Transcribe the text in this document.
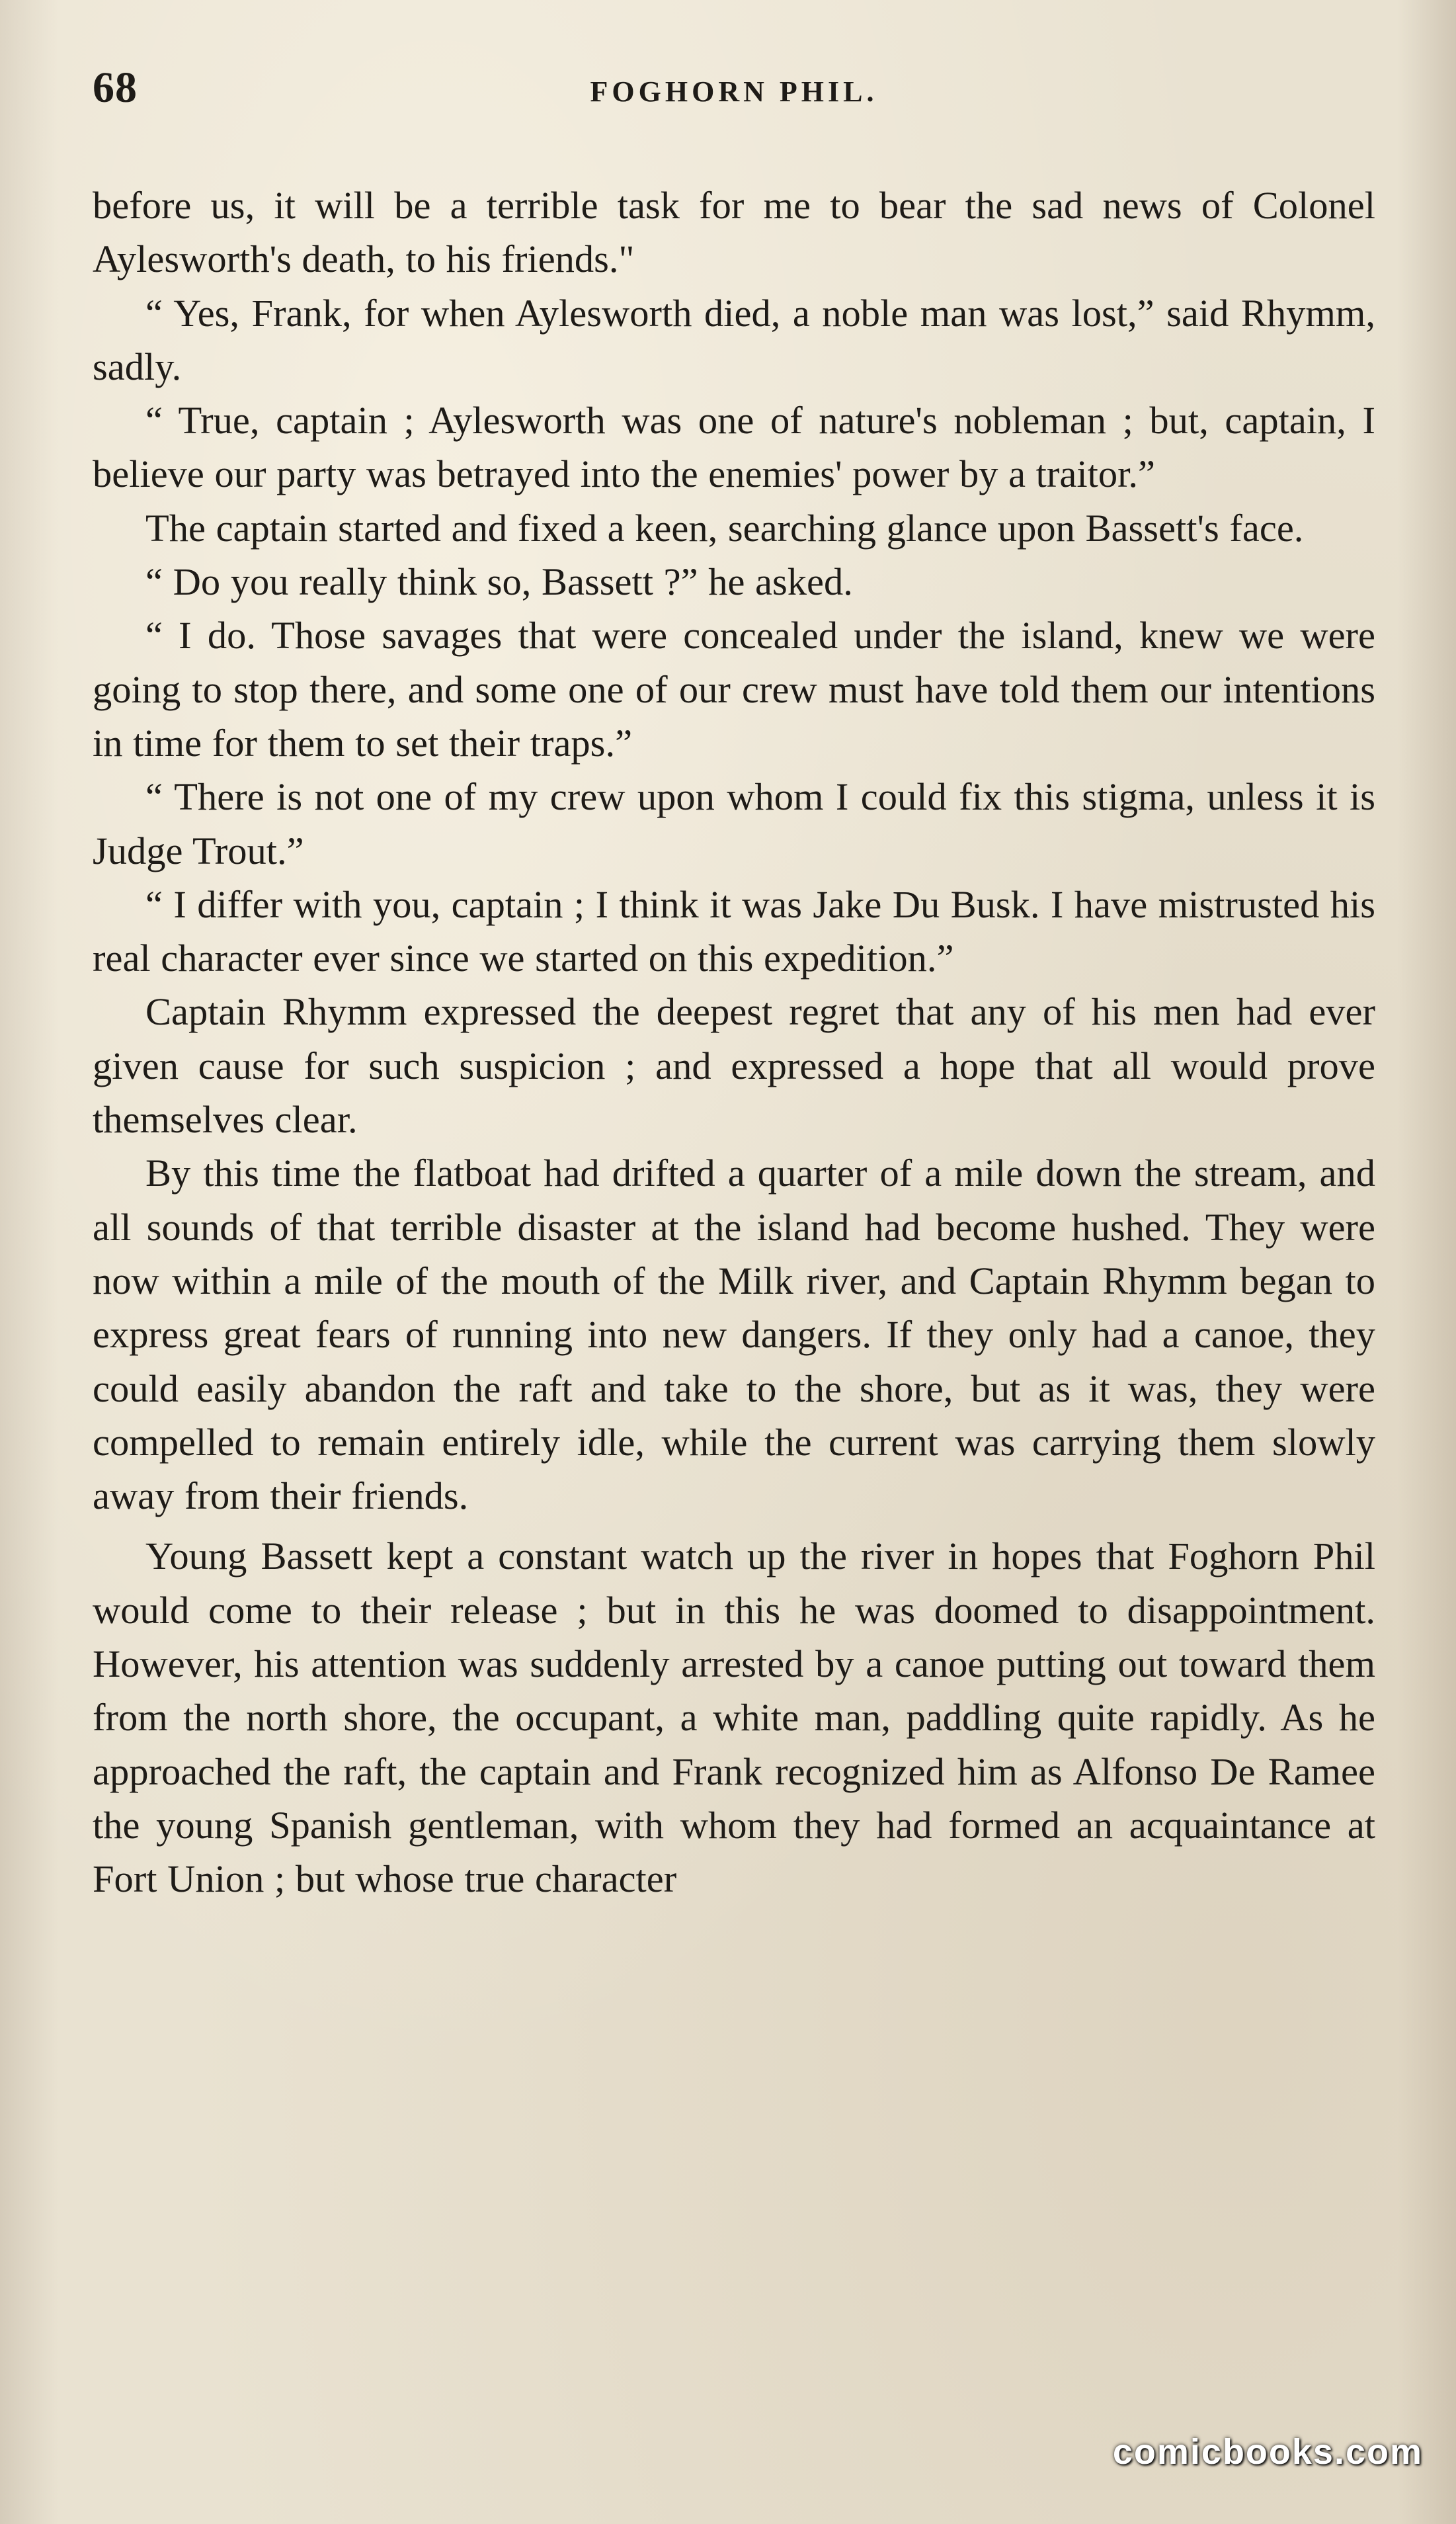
68	FOGHORN PHIL.

before us, it will be a terrible task for me to bear the sad news of Colonel Aylesworth's death, to his friends."

“ Yes, Frank, for when Aylesworth died, a noble man was lost,” said Rhymm, sadly.

“ True, captain ; Aylesworth was one of nature's nobleman ; but, captain, I believe our party was betrayed into the enemies' power by a traitor.”

The captain started and fixed a keen, searching glance upon Bassett's face.

“ Do you really think so, Bassett ?” he asked.

“ I do. Those savages that were concealed under the island, knew we were going to stop there, and some one of our crew must have told them our intentions in time for them to set their traps.”

“ There is not one of my crew upon whom I could fix this stigma, unless it is Judge Trout.”

“ I differ with you, captain ; I think it was Jake Du Busk. I have mistrusted his real character ever since we started on this expedition.”

Captain Rhymm expressed the deepest regret that any of his men had ever given cause for such suspicion ; and expressed a hope that all would prove themselves clear.

By this time the flatboat had drifted a quarter of a mile down the stream, and all sounds of that terrible disaster at the island had become hushed. They were now within a mile of the mouth of the Milk river, and Captain Rhymm began to express great fears of running into new dangers. If they only had a canoe, they could easily abandon the raft and take to the shore, but as it was, they were compelled to remain entirely idle, while the current was carrying them slowly away from their friends.

Young Bassett kept a constant watch up the river in hopes that Foghorn Phil would come to their release ; but in this he was doomed to disappointment. However, his attention was suddenly arrested by a canoe putting out toward them from the north shore, the occupant, a white man, paddling quite rapidly. As he approached the raft, the captain and Frank recognized him as Alfonso De Ramee the young Spanish gentleman, with whom they had formed an acquaintance at Fort Union ; but whose true character

comicbooks.com
